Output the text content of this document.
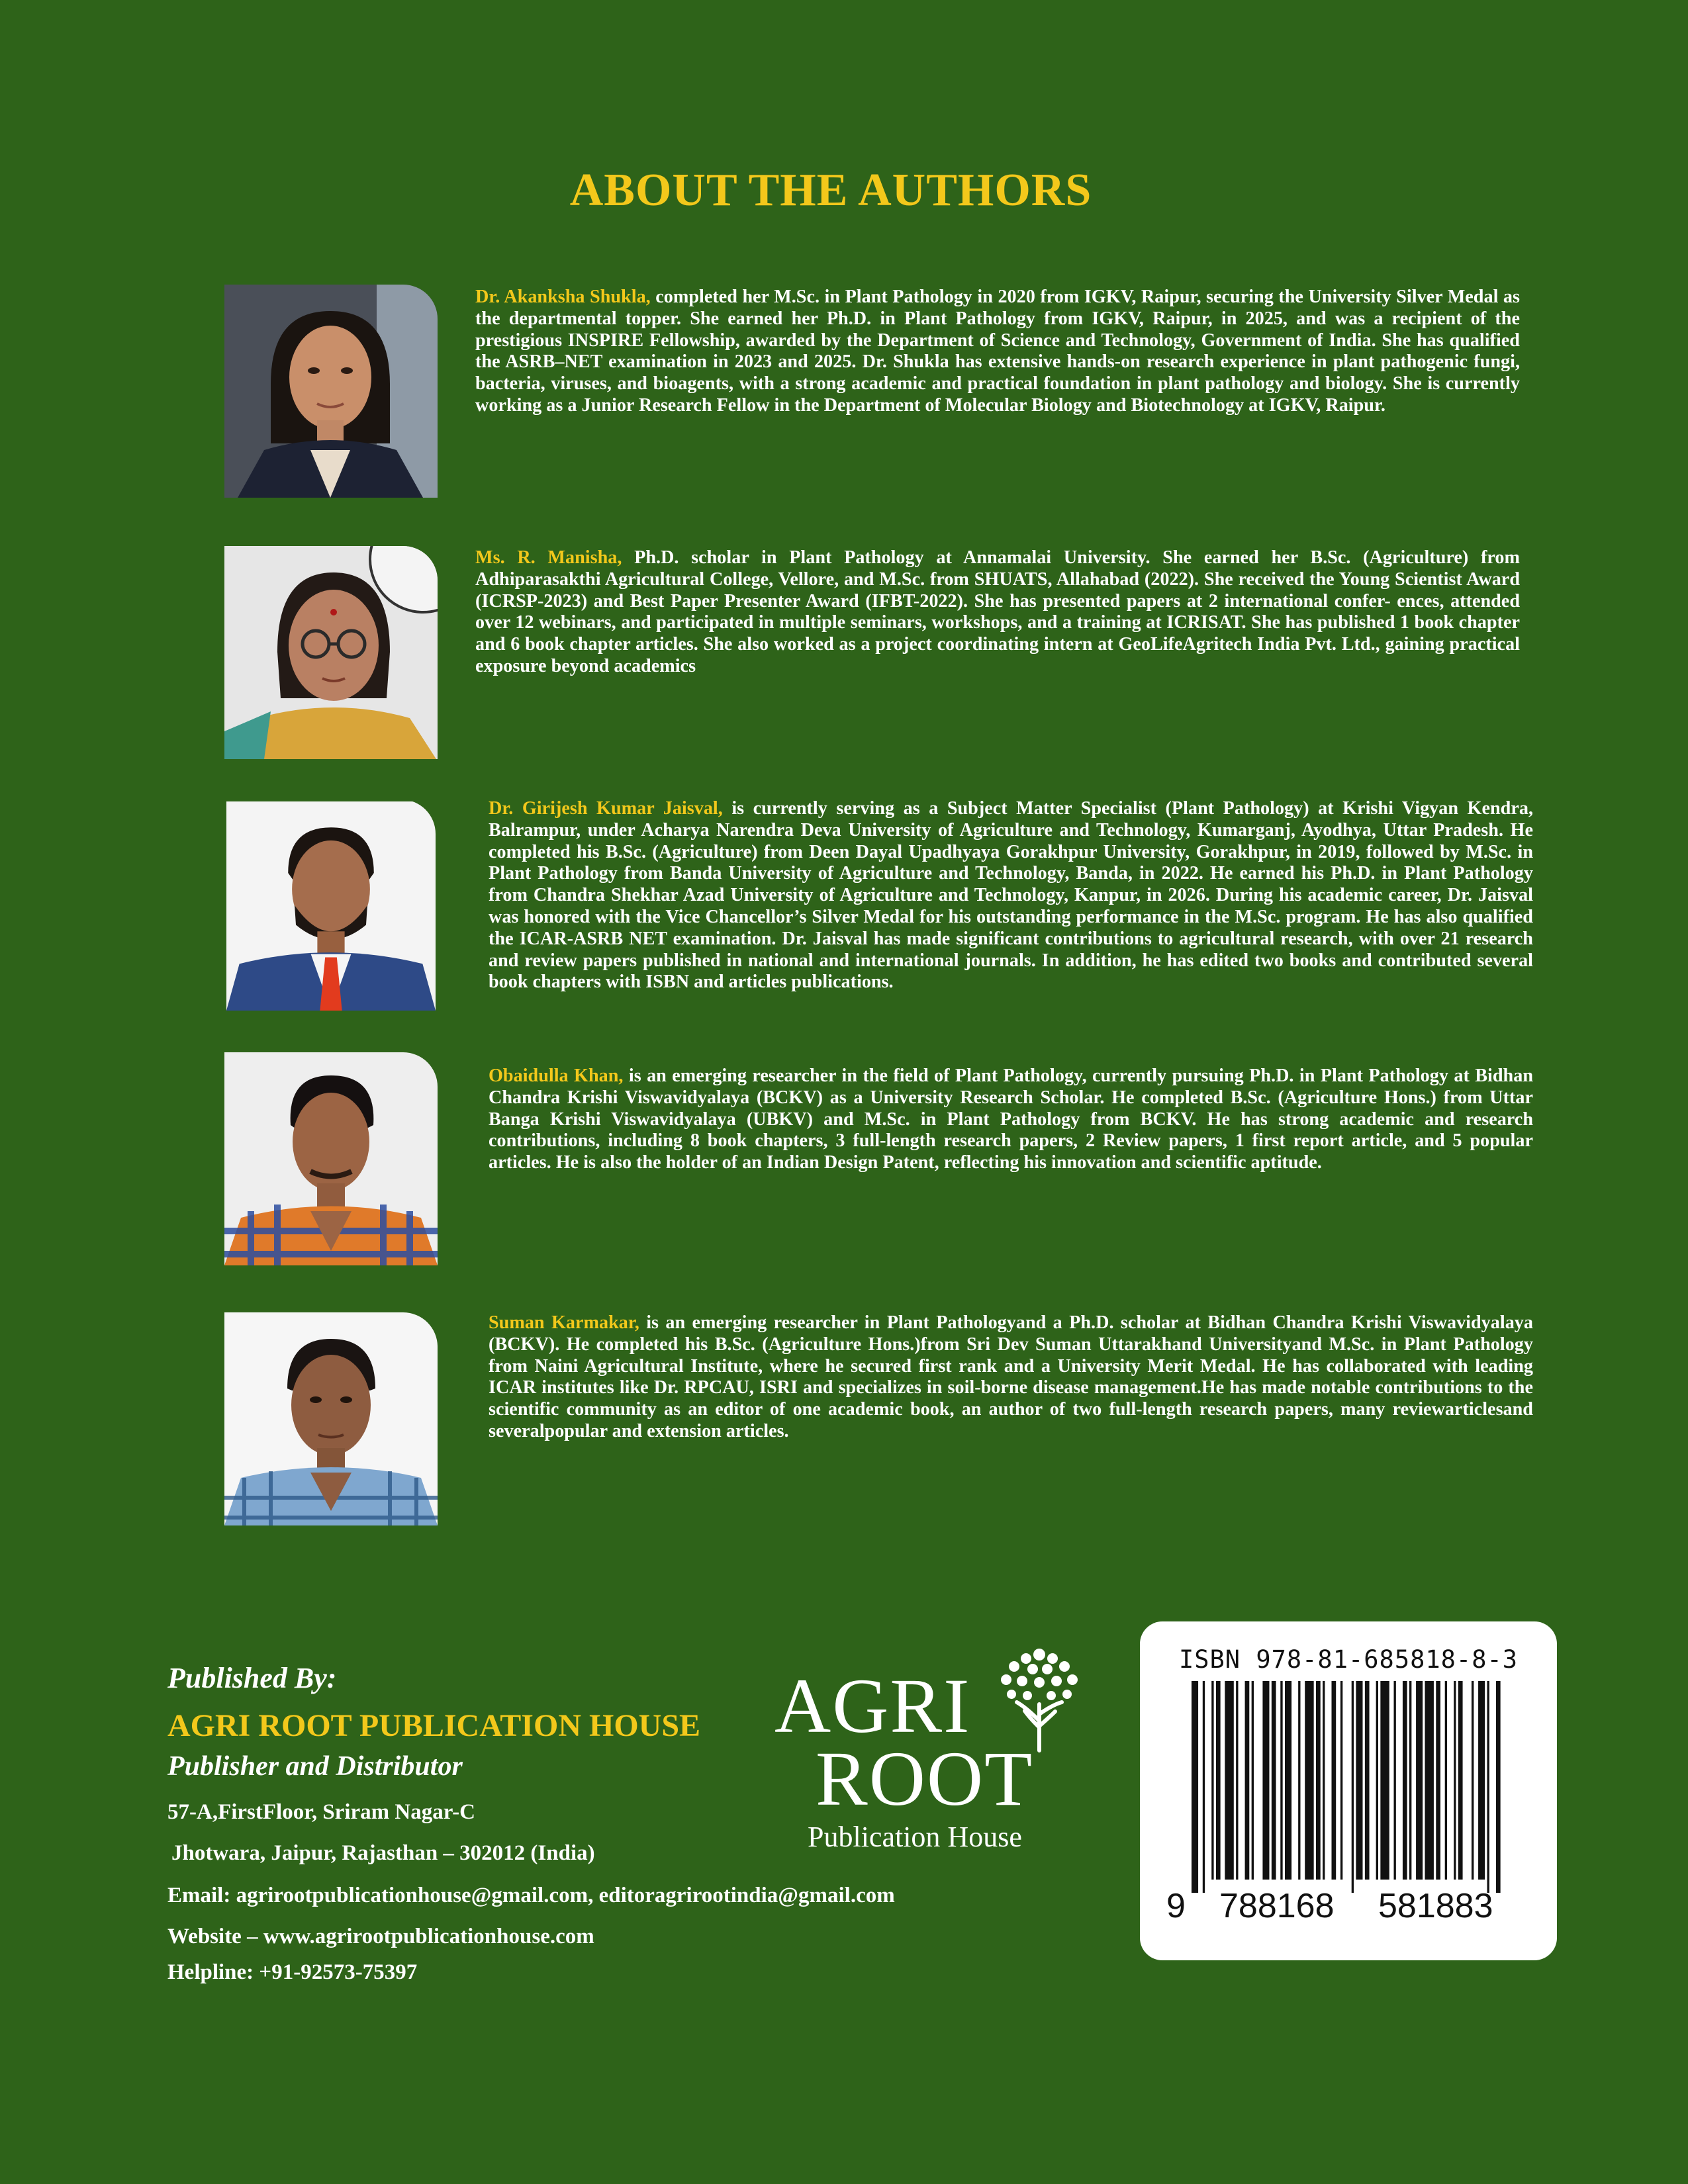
ABOUT THE AUTHORS
Dr. Akanksha Shukla, completed her M.Sc. in Plant Pathology in 2020 from IGKV, Raipur, securing the University Silver Medal as the departmental topper. She earned her Ph.D. in Plant Pathology from IGKV, Raipur, in 2025, and was a recipient of the prestigious INSPIRE Fellowship, awarded by the Department of Science and Technology, Government of India. She has qualified the ASRB–NET examination in 2023 and 2025. Dr. Shukla has extensive hands-on research experience in plant pathogenic fungi, bacteria, viruses, and bioagents, with a strong academic and practical foundation in plant pathology and biology. She is currently working as a Junior Research Fellow in the Department of Molecular Biology and Biotechnology at IGKV, Raipur.
Ms. R. Manisha, Ph.D. scholar in Plant Pathology at Annamalai University. She earned her B.Sc. (Agriculture) from Adhiparasakthi Agricultural College, Vellore, and M.Sc. from SHUATS, Allahabad (2022). She received the Young Scientist Award (ICRSP-2023) and Best Paper Presenter Award (IFBT-2022). She has presented papers at 2 international confer- ences, attended over 12 webinars, and participated in multiple seminars, workshops, and a training at ICRISAT. She has published 1 book chapter and 6 book chapter articles. She also worked as a project coordinating intern at GeoLifeAgritech India Pvt. Ltd., gaining practical exposure beyond academics
Dr. Girijesh Kumar Jaisval, is currently serving as a Subject Matter Specialist (Plant Pathology) at Krishi Vigyan Kendra, Balrampur, under Acharya Narendra Deva University of Agriculture and Technology, Kumarganj, Ayodhya, Uttar Pradesh. He completed his B.Sc. (Agriculture) from Deen Dayal Upadhyaya Gorakhpur University, Gorakhpur, in 2019, followed by M.Sc. in Plant Pathology from Banda University of Agriculture and Technology, Banda, in 2022. He earned his Ph.D. in Plant Pathology from Chandra Shekhar Azad University of Agriculture and Technology, Kanpur, in 2026. During his academic career, Dr. Jaisval was honored with the Vice Chancellor’s Silver Medal for his outstanding performance in the M.Sc. program. He has also qualified the ICAR-ASRB NET examination. Dr. Jaisval has made significant contributions to agricultural research, with over 21 research and review papers published in national and international journals. In addition, he has edited two books and contributed several book chapters with ISBN and articles publications.
Obaidulla Khan, is an emerging researcher in the field of Plant Pathology, currently pursuing Ph.D. in Plant Pathology at Bidhan Chandra Krishi Viswavidyalaya (BCKV) as a University Research Scholar. He completed B.Sc. (Agriculture Hons.) from Uttar Banga Krishi Viswavidyalaya (UBKV) and M.Sc. in Plant Pathology from BCKV. He has strong academic and research contributions, including 8 book chapters, 3 full-length research papers, 2 Review papers, 1 first report article, and 5 popular articles. He is also the holder of an Indian Design Patent, reflecting his innovation and scientific aptitude.
Suman Karmakar, is an emerging researcher in Plant Pathologyand a Ph.D. scholar at Bidhan Chandra Krishi Viswavidyalaya (BCKV). He completed his B.Sc. (Agriculture Hons.)from Sri Dev Suman Uttarakhand Universityand M.Sc. in Plant Pathology from Naini Agricultural Institute, where he secured first rank and a University Merit Medal. He has collaborated with leading ICAR institutes like Dr. RPCAU, ISRI and specializes in soil-borne disease management.He has made notable contributions to the scientific community as an editor of one academic book, an author of two full-length research papers, many reviewarticlesand severalpopular and extension articles.
Published By:
AGRI ROOT PUBLICATION HOUSE
Publisher and Distributor
57-A,FirstFloor, Sriram Nagar-C
Jhotwara, Jaipur, Rajasthan – 302012 (India)
Email: agrirootpublicationhouse@gmail.com, editoragrirootindia@gmail.com
Website – www.agrirootpublicationhouse.com
Helpline: +91-92573-75397
AGRI
ROOT
Publication House
ISBN 978-81-685818-8-3
9 788168 581883
